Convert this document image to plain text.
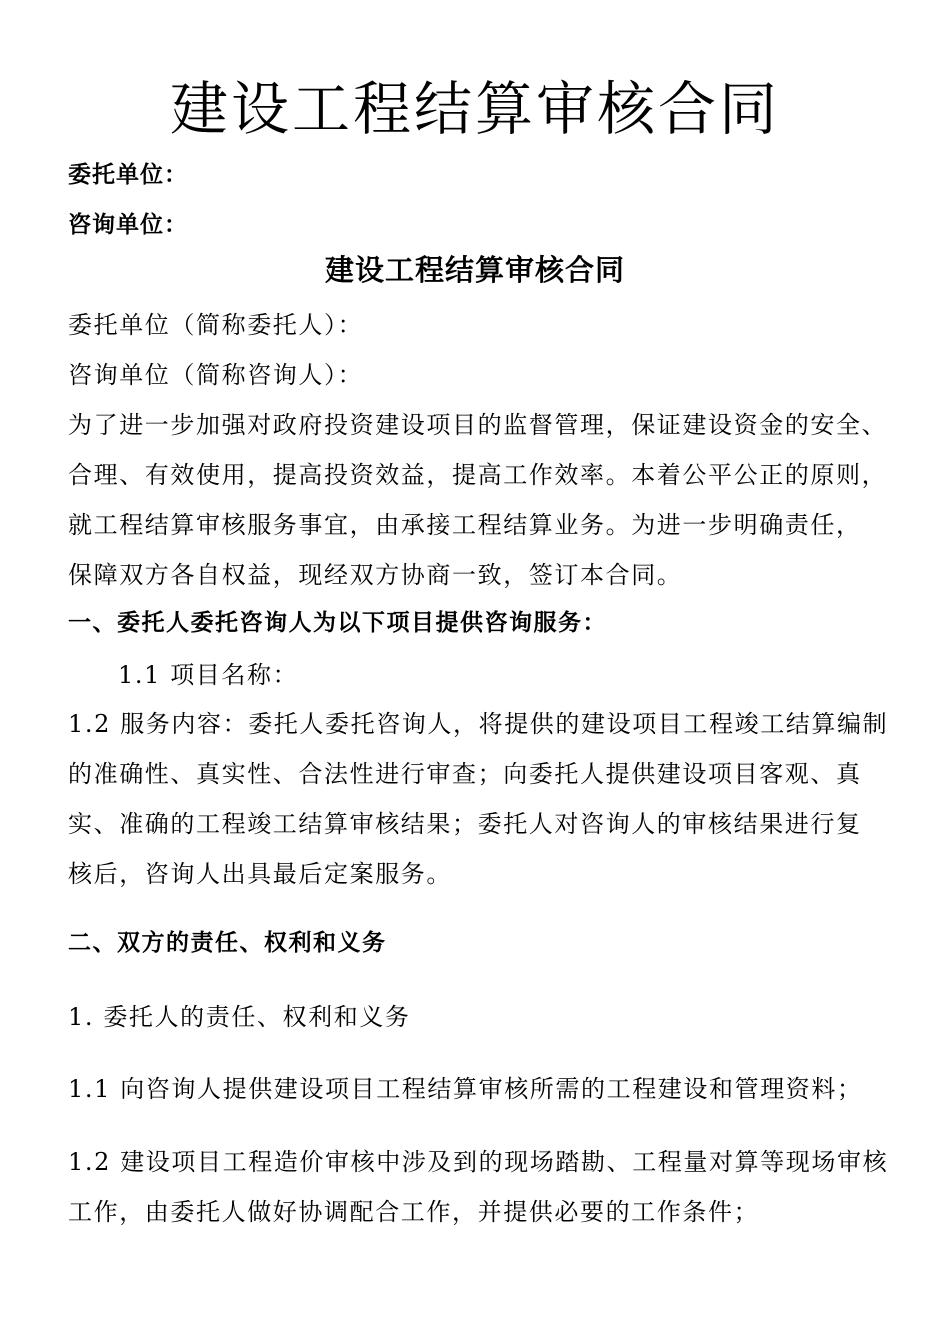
建设工程结算审核合同
委托单位：
咨询单位：
建设工程结算审核合同
委托单位（简称委托人）：
咨询单位（简称咨询人）：
为了进一步加强对政府投资建设项目的监督管理，保证建设资金的安全、
合理、有效使用，提高投资效益，提高工作效率。本着公平公正的原则，
就工程结算审核服务事宜，由承接工程结算业务。为进一步明确责任，
保障双方各自权益，现经双方协商一致，签订本合同。
一、委托人委托咨询人为以下项目提供咨询服务：
1.1 项目名称：
1.2 服务内容：委托人委托咨询人，将提供的建设项目工程竣工结算编制
的准确性、真实性、合法性进行审查；向委托人提供建设项目客观、真
实、准确的工程竣工结算审核结果；委托人对咨询人的审核结果进行复
核后，咨询人出具最后定案服务。
二、双方的责任、权利和义务
1. 委托人的责任、权利和义务
1.1 向咨询人提供建设项目工程结算审核所需的工程建设和管理资料；
1.2 建设项目工程造价审核中涉及到的现场踏勘、工程量对算等现场审核
工作，由委托人做好协调配合工作，并提供必要的工作条件；
